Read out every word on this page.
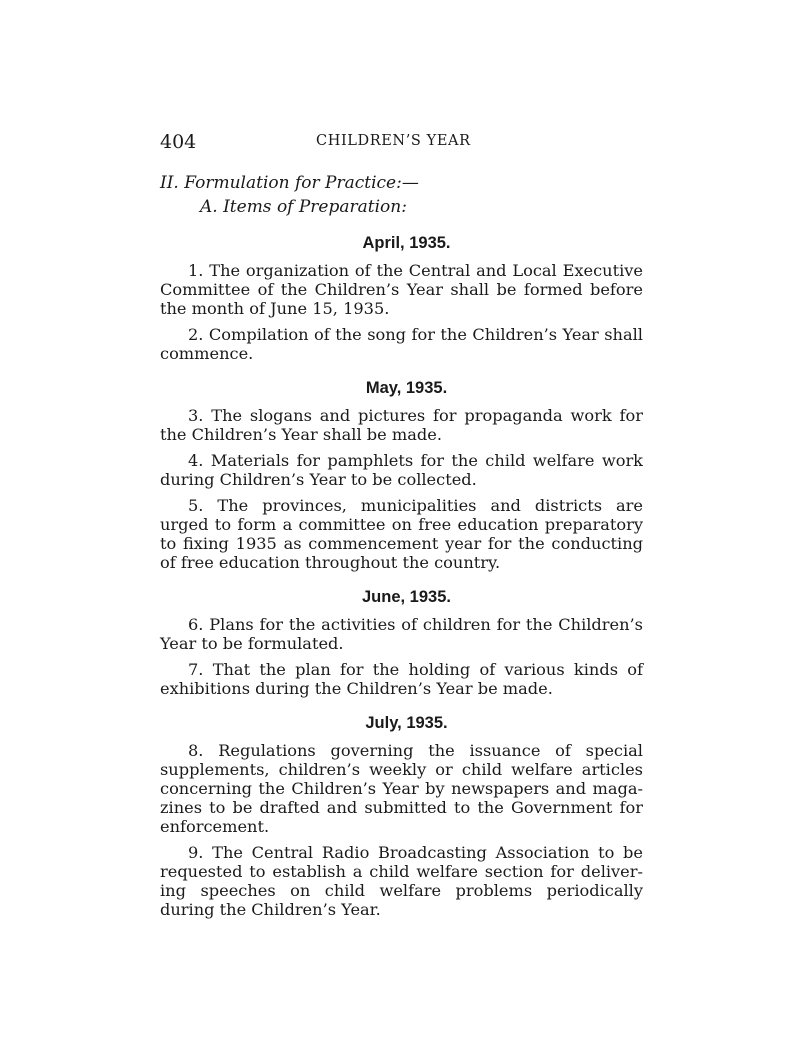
404	CHILDREN’S YEAR
II. Formulation for Practice:—
A. Items of Preparation:
April, 1935.

1. The organization of the Central and Local Executive Committee of the Children’s Year shall be formed before the month of June 15, 1935.

2. Compilation of the song for the Children’s Year shall commence.

May, 1935.

3. The slogans and pictures for propaganda work for the Children’s Year shall be made.

4. Materials for pamphlets for the child welfare work during Children’s Year to be collected.

5. The provinces, municipalities and districts are urged to form a committee on free education preparatory to fixing 1935 as commencement year for the conducting of free education throughout the country.

June, 1935.

6. Plans for the activities of children for the Children’s Year to be formulated.

7. That the plan for the holding of various kinds of exhibitions during the Children’s Year be made.

July, 1935.

8. Regulations governing the issuance of special supplements, children’s weekly or child welfare articles concerning the Children’s Year by newspapers and magazines to be drafted and submitted to the Government for enforcement.

9. The Central Radio Broadcasting Association to be requested to establish a child welfare section for delivering speeches on child welfare problems periodically during the Children’s Year.
